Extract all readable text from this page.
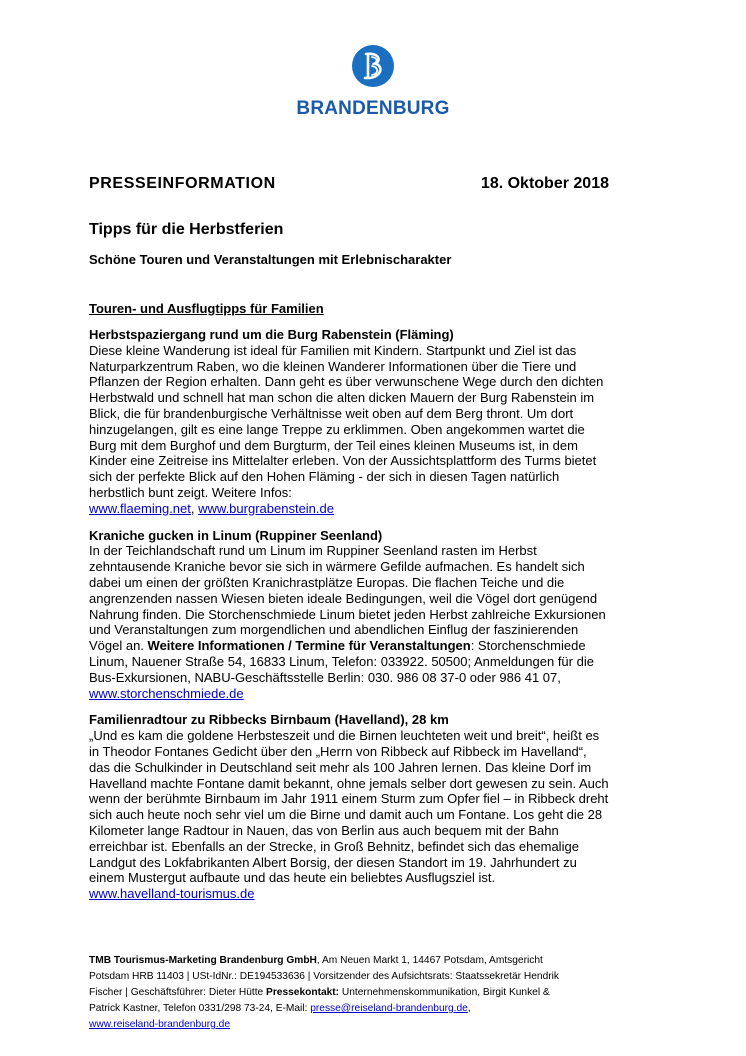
BRANDENBURG
PRESSEINFORMATION	18. Oktober 2018
Tipps für die Herbstferien
Schöne Touren und Veranstaltungen mit Erlebnischarakter
Touren- und Ausflugtipps für Familien
Herbstspaziergang rund um die Burg Rabenstein (Fläming)

Diese kleine Wanderung ist ideal für Familien mit Kindern. Startpunkt und Ziel ist das Naturparkzentrum Raben, wo die kleinen Wanderer Informationen über die Tiere und Pflanzen der Region erhalten. Dann geht es über verwunschene Wege durch den dichten Herbstwald und schnell hat man schon die alten dicken Mauern der Burg Rabenstein im Blick, die für brandenburgische Verhältnisse weit oben auf dem Berg thront. Um dort hinzugelangen, gilt es eine lange Treppe zu erklimmen. Oben angekommen wartet die Burg mit dem Burghof und dem Burgturm, der Teil eines kleinen Museums ist, in dem Kinder eine Zeitreise ins Mittelalter erleben. Von der Aussichtsplattform des Turms bietet sich der perfekte Blick auf den Hohen Fläming - der sich in diesen Tagen natürlich herbstlich bunt zeigt. Weitere Infos:
www.flaeming.net, www.burgrabenstein.de

Kraniche gucken in Linum (Ruppiner Seenland)

In der Teichlandschaft rund um Linum im Ruppiner Seenland rasten im Herbst zehntausende Kraniche bevor sie sich in wärmere Gefilde aufmachen. Es handelt sich dabei um einen der größten Kranichrastplätze Europas. Die flachen Teiche und die angrenzenden nassen Wiesen bieten ideale Bedingungen, weil die Vögel dort genügend Nahrung finden. Die Storchenschmiede Linum bietet jeden Herbst zahlreiche Exkursionen und Veranstaltungen zum morgendlichen und abendlichen Einflug der faszinierenden Vögel an. Weitere Informationen / Termine für Veranstaltungen: Storchenschmiede Linum, Nauener Straße 54, 16833 Linum, Telefon: 033922. 50500; Anmeldungen für die Bus-Exkursionen, NABU-Geschäftsstelle Berlin: 030. 986 08 37-0 oder 986 41 07,
www.storchenschmiede.de

Familienradtour zu Ribbecks Birnbaum (Havelland), 28 km

„Und es kam die goldene Herbsteszeit und die Birnen leuchteten weit und breit“, heißt es in Theodor Fontanes Gedicht über den „Herrn von Ribbeck auf Ribbeck im Havelland“, das die Schulkinder in Deutschland seit mehr als 100 Jahren lernen. Das kleine Dorf im Havelland machte Fontane damit bekannt, ohne jemals selber dort gewesen zu sein. Auch wenn der berühmte Birnbaum im Jahr 1911 einem Sturm zum Opfer fiel – in Ribbeck dreht sich auch heute noch sehr viel um die Birne und damit auch um Fontane. Los geht die 28 Kilometer lange Radtour in Nauen, das von Berlin aus auch bequem mit der Bahn erreichbar ist. Ebenfalls an der Strecke, in Groß Behnitz, befindet sich das ehemalige Landgut des Lokfabrikanten Albert Borsig, der diesen Standort im 19. Jahrhundert zu einem Mustergut aufbaute und das heute ein beliebtes Ausflugsziel ist.
www.havelland-tourismus.de

TMB Tourismus-Marketing Brandenburg GmbH, Am Neuen Markt 1, 14467 Potsdam, Amtsgericht Potsdam HRB 11403 | USt-IdNr.: DE194533636 | Vorsitzender des Aufsichtsrats: Staatssekretär Hendrik Fischer | Geschäftsführer: Dieter Hütte Pressekontakt: Unternehmenskommunikation, Birgit Kunkel & Patrick Kastner, Telefon 0331/298 73-24, E-Mail: presse@reiseland-brandenburg.de,
www.reiseland-brandenburg.de
